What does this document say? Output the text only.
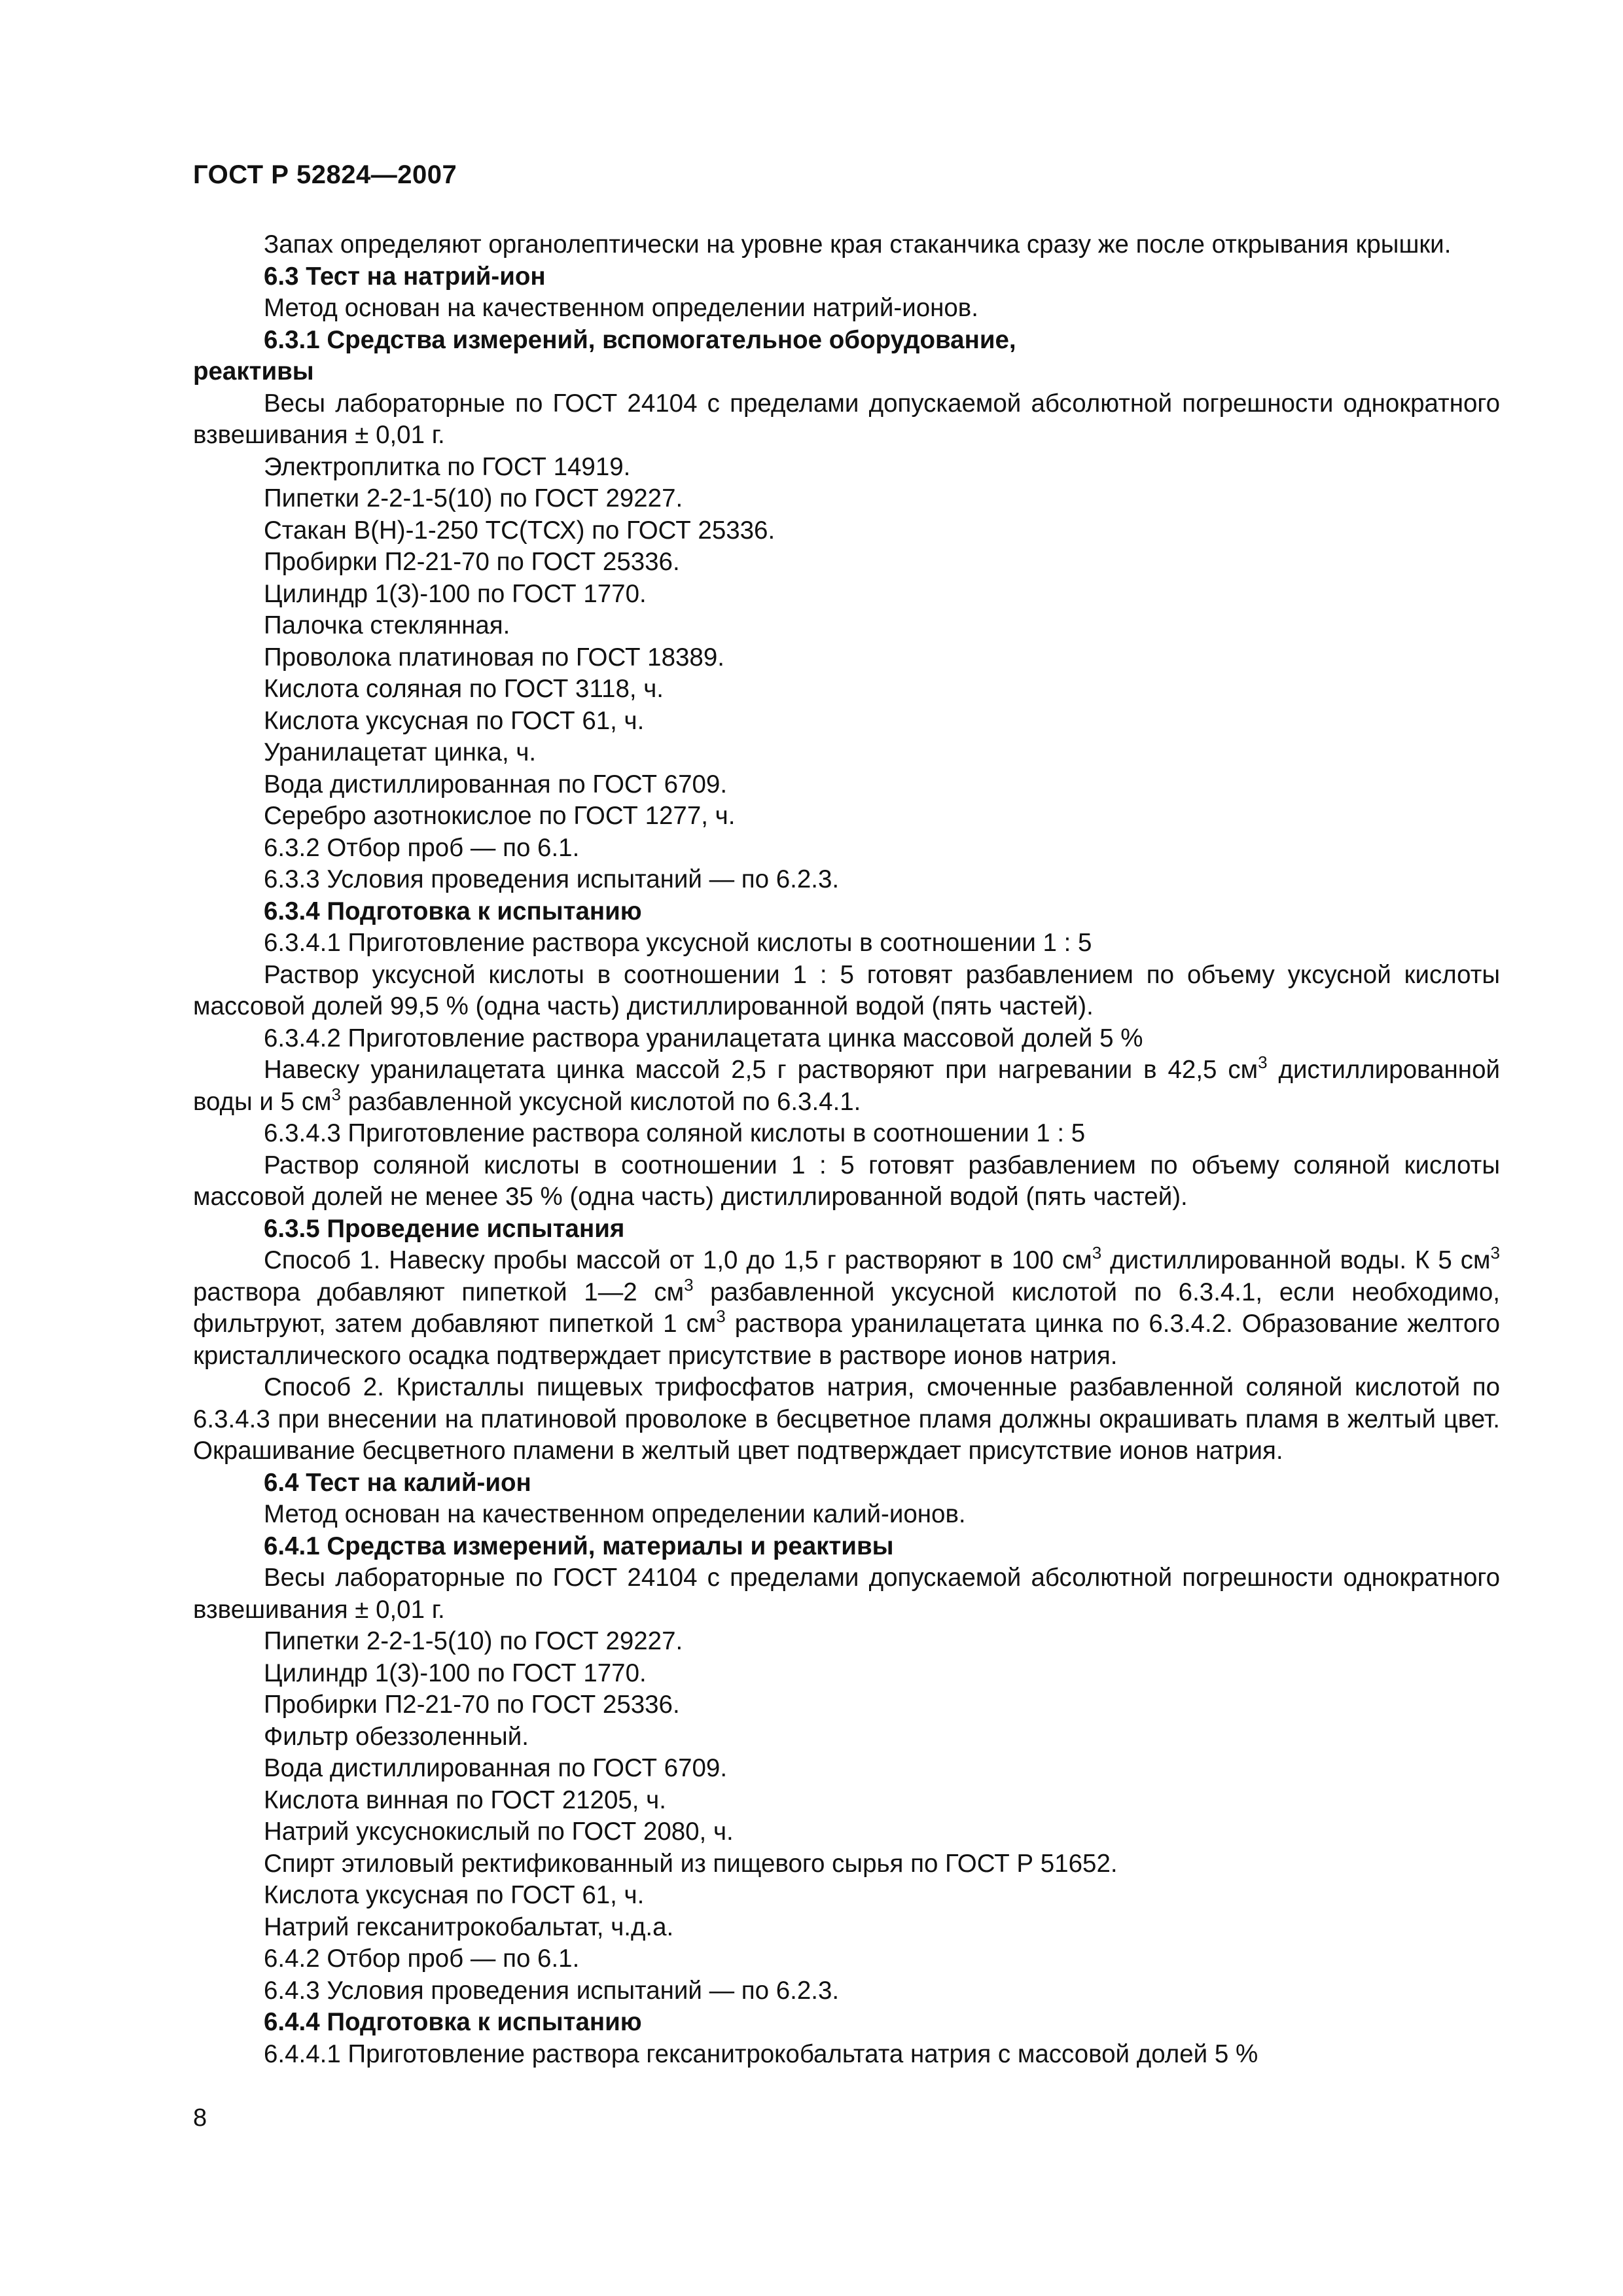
ГОСТ Р 52824—2007

Запах определяют органолептически на уровне края стаканчика сразу же после открывания крышки.

6.3 Тест на натрий-ион

Метод основан на качественном определении натрий-ионов.

6.3.1 Средства измерений, вспомогательное оборудование,

реактивы

Весы лабораторные по ГОСТ 24104 с пределами допускаемой абсолютной погрешности однократного взвешивания ± 0,01 г.

Электроплитка по ГОСТ 14919.

Пипетки 2-2-1-5(10) по ГОСТ 29227.

Стакан В(Н)-1-250 ТС(ТСХ) по ГОСТ 25336.

Пробирки П2-21-70 по ГОСТ 25336.

Цилиндр 1(3)-100 по ГОСТ 1770.

Палочка стеклянная.

Проволока платиновая по ГОСТ 18389.

Кислота соляная по ГОСТ 3118, ч.

Кислота уксусная по ГОСТ 61, ч.

Уранилацетат цинка, ч.

Вода дистиллированная по ГОСТ 6709.

Серебро азотнокислое по ГОСТ 1277, ч.

6.3.2 Отбор проб — по 6.1.

6.3.3 Условия проведения испытаний — по 6.2.3.

6.3.4 Подготовка к испытанию

6.3.4.1 Приготовление раствора уксусной кислоты в соотношении 1 : 5

Раствор уксусной кислоты в соотношении 1 : 5 готовят разбавлением по объему уксусной кислоты массовой долей 99,5 % (одна часть) дистиллированной водой (пять частей).

6.3.4.2 Приготовление раствора уранилацетата цинка массовой долей 5 %

Навеску уранилацетата цинка массой 2,5 г растворяют при нагревании в 42,5 $см^3$ дистиллированной воды и 5 $см^3$ разбавленной уксусной кислотой по 6.3.4.1.

6.3.4.3 Приготовление раствора соляной кислоты в соотношении 1 : 5

Раствор соляной кислоты в соотношении 1 : 5 готовят разбавлением по объему соляной кислоты массовой долей не менее 35 % (одна часть) дистиллированной водой (пять частей).

6.3.5 Проведение испытания

Способ 1. Навеску пробы массой от 1,0 до 1,5 г растворяют в 100 $см^3$ дистиллированной воды. К 5 $см^3$ раствора добавляют пипеткой 1—2 $см^3$ разбавленной уксусной кислотой по 6.3.4.1, если необходимо, фильтруют, затем добавляют пипеткой 1 $см^3$ раствора уранилацетата цинка по 6.3.4.2. Образование желтого кристаллического осадка подтверждает присутствие в растворе ионов натрия.

Способ 2. Кристаллы пищевых трифосфатов натрия, смоченные разбавленной соляной кислотой по 6.3.4.3 при внесении на платиновой проволоке в бесцветное пламя должны окрашивать пламя в желтый цвет. Окрашивание бесцветного пламени в желтый цвет подтверждает присутствие ионов натрия.

6.4 Тест на калий-ион

Метод основан на качественном определении калий-ионов.

6.4.1 Средства измерений, материалы и реактивы

Весы лабораторные по ГОСТ 24104 с пределами допускаемой абсолютной погрешности однократного взвешивания ± 0,01 г.

Пипетки 2-2-1-5(10) по ГОСТ 29227.

Цилиндр 1(3)-100 по ГОСТ 1770.

Пробирки П2-21-70 по ГОСТ 25336.

Фильтр обеззоленный.

Вода дистиллированная по ГОСТ 6709.

Кислота винная по ГОСТ 21205, ч.

Натрий уксуснокислый по ГОСТ 2080, ч.

Спирт этиловый ректификованный из пищевого сырья по ГОСТ Р 51652.

Кислота уксусная по ГОСТ 61, ч.

Натрий гексанитрокобальтат, ч.д.а.

6.4.2 Отбор проб — по 6.1.

6.4.3 Условия проведения испытаний — по 6.2.3.

6.4.4 Подготовка к испытанию

6.4.4.1 Приготовление раствора гексанитрокобальтата натрия с массовой долей 5 %

8
